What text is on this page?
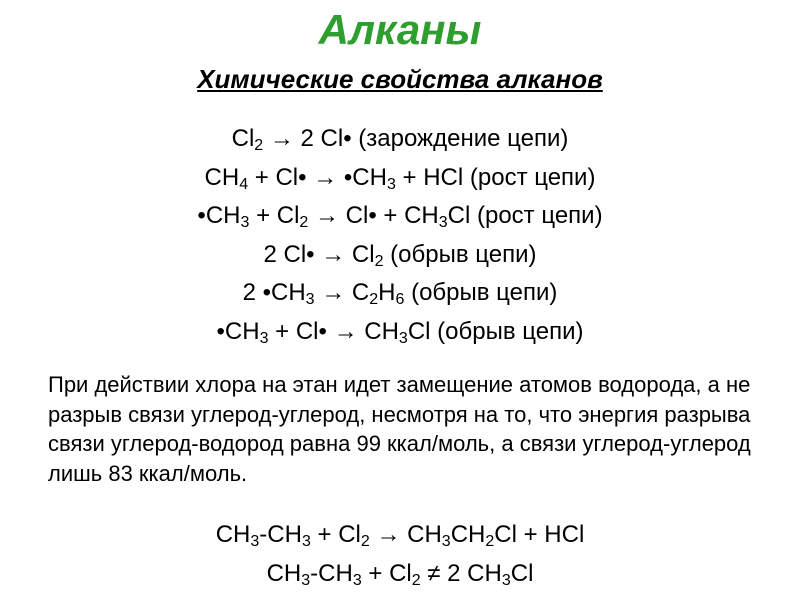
Алканы
Химические свойства алканов
$Cl_2 \to 2$ Cl• (зарождение цепи)
$CH_4$ + Cl• → $•CH_3$ + HCl (рост цепи)
$•CH_3 + Cl_2$ → Cl• + $CH_3Cl$ (рост цепи)
2 Cl• → $Cl_2$ (обрыв цепи)
2 $•CH_3 \to C_2H_6$ (обрыв цепи)
$•CH_3$ + Cl• → $CH_3Cl$ (обрыв цепи)
При действии хлора на этан идет замещение атомов водорода, а не разрыв связи углерод-углерод, несмотря на то, что энергия разрыва связи углерод-водород равна 99 ккал/моль, а связи углерод-углерод лишь 83 ккал/моль.
$CH_3-CH_3 + Cl_2 \to CH_3CH_2Cl$ + HCl
$CH_3-CH_3 + Cl_2 \ne 2$ $CH_3Cl$
